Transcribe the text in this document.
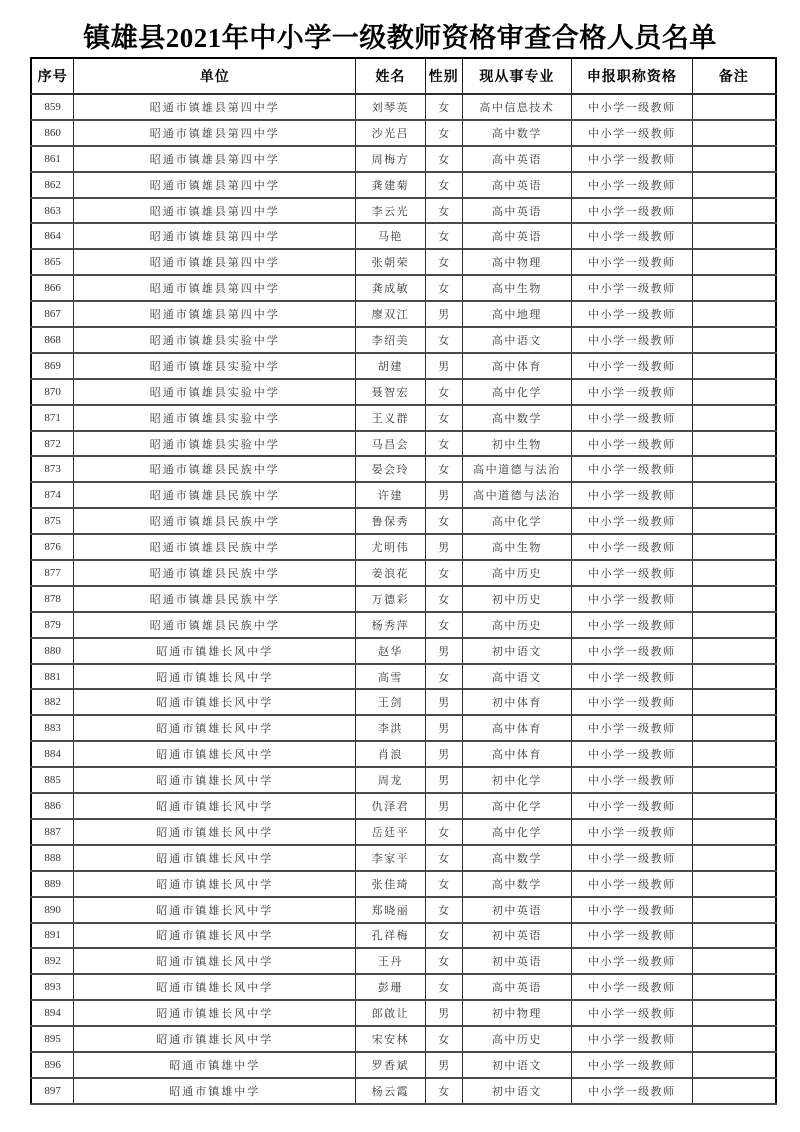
镇雄县2021年中小学一级教师资格审查合格人员名单
序号	单位	姓名	性别	现从事专业	申报职称资格	备注
859	昭通市镇雄县第四中学	刘琴英	女	高中信息技术	中小学一级教师	
860	昭通市镇雄县第四中学	沙光吕	女	高中数学	中小学一级教师	
861	昭通市镇雄县第四中学	周梅方	女	高中英语	中小学一级教师	
862	昭通市镇雄县第四中学	龚建菊	女	高中英语	中小学一级教师	
863	昭通市镇雄县第四中学	李云光	女	高中英语	中小学一级教师	
864	昭通市镇雄县第四中学	马艳	女	高中英语	中小学一级教师	
865	昭通市镇雄县第四中学	张朝荣	女	高中物理	中小学一级教师	
866	昭通市镇雄县第四中学	龚成敏	女	高中生物	中小学一级教师	
867	昭通市镇雄县第四中学	廖双江	男	高中地理	中小学一级教师	
868	昭通市镇雄县实验中学	李绍美	女	高中语文	中小学一级教师	
869	昭通市镇雄县实验中学	胡建	男	高中体育	中小学一级教师	
870	昭通市镇雄县实验中学	聂智宏	女	高中化学	中小学一级教师	
871	昭通市镇雄县实验中学	王义群	女	高中数学	中小学一级教师	
872	昭通市镇雄县实验中学	马昌会	女	初中生物	中小学一级教师	
873	昭通市镇雄县民族中学	晏会玲	女	高中道德与法治	中小学一级教师	
874	昭通市镇雄县民族中学	许建	男	高中道德与法治	中小学一级教师	
875	昭通市镇雄县民族中学	鲁保秀	女	高中化学	中小学一级教师	
876	昭通市镇雄县民族中学	尤明伟	男	高中生物	中小学一级教师	
877	昭通市镇雄县民族中学	姜浪花	女	高中历史	中小学一级教师	
878	昭通市镇雄县民族中学	万德彩	女	初中历史	中小学一级教师	
879	昭通市镇雄县民族中学	杨秀萍	女	高中历史	中小学一级教师	
880	昭通市镇雄长风中学	赵华	男	初中语文	中小学一级教师	
881	昭通市镇雄长风中学	高雪	女	高中语文	中小学一级教师	
882	昭通市镇雄长风中学	王剑	男	初中体育	中小学一级教师	
883	昭通市镇雄长风中学	李洪	男	高中体育	中小学一级教师	
884	昭通市镇雄长风中学	肖浪	男	高中体育	中小学一级教师	
885	昭通市镇雄长风中学	周龙	男	初中化学	中小学一级教师	
886	昭通市镇雄长风中学	仇泽君	男	高中化学	中小学一级教师	
887	昭通市镇雄长风中学	岳廷平	女	高中化学	中小学一级教师	
888	昭通市镇雄长风中学	李家平	女	高中数学	中小学一级教师	
889	昭通市镇雄长风中学	张佳琦	女	高中数学	中小学一级教师	
890	昭通市镇雄长风中学	郑晓丽	女	初中英语	中小学一级教师	
891	昭通市镇雄长风中学	孔祥梅	女	初中英语	中小学一级教师	
892	昭通市镇雄长风中学	王丹	女	初中英语	中小学一级教师	
893	昭通市镇雄长风中学	彭珊	女	高中英语	中小学一级教师	
894	昭通市镇雄长风中学	郎啟让	男	初中物理	中小学一级教师	
895	昭通市镇雄长风中学	宋安林	女	高中历史	中小学一级教师	
896	昭通市镇雄中学	罗香斌	男	初中语文	中小学一级教师	
897	昭通市镇雄中学	杨云霞	女	初中语文	中小学一级教师	
